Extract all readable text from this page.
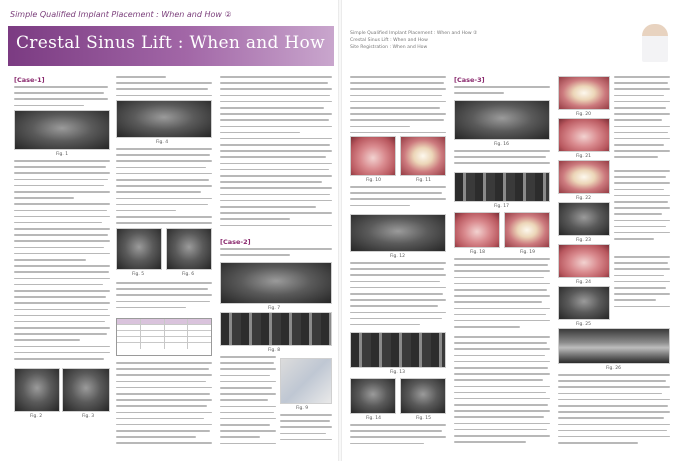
Simple Qualified Implant Placement : When and How ②
Crestal Sinus Lift : When and How
[Case-1]
Fig. 1
Fig. 2	Fig. 3
Fig. 4
Fig. 5	Fig. 6
[Case-2]
Fig. 7
Fig. 8
Fig. 9
Simple Qualified Implant Placement : When and How ②
Crestal Sinus Lift : When and How
Site Registration : When and How
Fig. 10	Fig. 11
Fig. 12
Fig. 13
Fig. 14	Fig. 15
[Case-3]
Fig. 16
Fig. 17
Fig. 18	Fig. 19
Fig. 20
Fig. 21
Fig. 22
Fig. 23
Fig. 24
Fig. 25
Fig. 26
